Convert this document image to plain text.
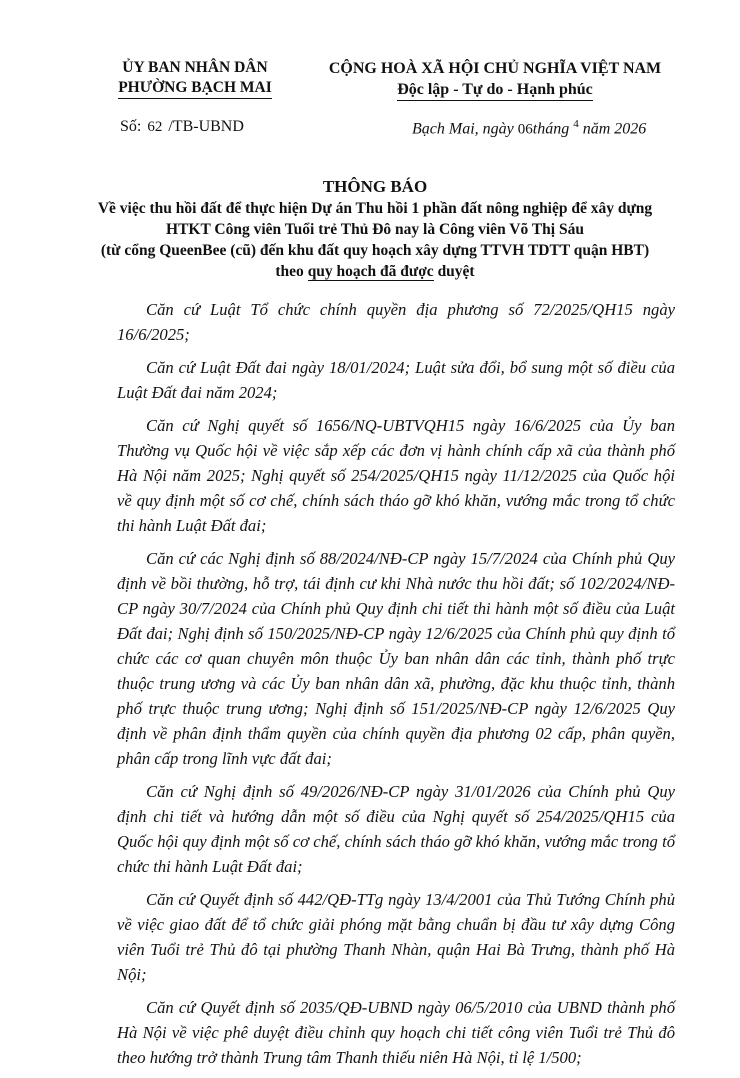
ỦY BAN NHÂN DÂN
PHƯỜNG BẠCH MAI
CỘNG HOÀ XÃ HỘI CHỦ NGHĨA VIỆT NAM
Độc lập - Tự do - Hạnh phúc
Số: 62 /TB-UBND	Bạch Mai, ngày 06tháng $^4$ năm 2026
THÔNG BÁO
Về việc thu hồi đất để thực hiện Dự án Thu hồi 1 phần đất nông nghiệp để xây dựng
HTKT Công viên Tuổi trẻ Thủ Đô nay là Công viên Võ Thị Sáu
(từ cổng QueenBee (cũ) đến khu đất quy hoạch xây dựng TTVH TDTT quận HBT)
theo quy hoạch đã được duyệt

Căn cứ Luật Tổ chức chính quyền địa phương số 72/2025/QH15 ngày 16/6/2025;

Căn cứ Luật Đất đai ngày 18/01/2024; Luật sửa đổi, bổ sung một số điều của Luật Đất đai năm 2024;

Căn cứ Nghị quyết số 1656/NQ-UBTVQH15 ngày 16/6/2025 của Ủy ban Thường vụ Quốc hội về việc sắp xếp các đơn vị hành chính cấp xã của thành phố Hà Nội năm 2025; Nghị quyết số 254/2025/QH15 ngày 11/12/2025 của Quốc hội về quy định một số cơ chế, chính sách tháo gỡ khó khăn, vướng mắc trong tổ chức thi hành Luật Đất đai;

Căn cứ các Nghị định số 88/2024/NĐ-CP ngày 15/7/2024 của Chính phủ Quy định về bồi thường, hỗ trợ, tái định cư khi Nhà nước thu hồi đất; số 102/2024/NĐ-CP ngày 30/7/2024 của Chính phủ Quy định chi tiết thi hành một số điều của Luật Đất đai; Nghị định số 150/2025/NĐ-CP ngày 12/6/2025 của Chính phủ quy định tổ chức các cơ quan chuyên môn thuộc Ủy ban nhân dân các tỉnh, thành phố trực thuộc trung ương và các Ủy ban nhân dân xã, phường, đặc khu thuộc tỉnh, thành phố trực thuộc trung ương; Nghị định số 151/2025/NĐ-CP ngày 12/6/2025 Quy định về phân định thẩm quyền của chính quyền địa phương 02 cấp, phân quyền, phân cấp trong lĩnh vực đất đai;

Căn cứ Nghị định số 49/2026/NĐ-CP ngày 31/01/2026 của Chính phủ Quy định chi tiết và hướng dẫn một số điều của Nghị quyết số 254/2025/QH15 của Quốc hội quy định một số cơ chế, chính sách tháo gỡ khó khăn, vướng mắc trong tổ chức thi hành Luật Đất đai;

Căn cứ Quyết định số 442/QĐ-TTg ngày 13/4/2001 của Thủ Tướng Chính phủ về việc giao đất để tổ chức giải phóng mặt bằng chuẩn bị đầu tư xây dựng Công viên Tuổi trẻ Thủ đô tại phường Thanh Nhàn, quận Hai Bà Trưng, thành phố Hà Nội;

Căn cứ Quyết định số 2035/QĐ-UBND ngày 06/5/2010 của UBND thành phố Hà Nội về việc phê duyệt điều chỉnh quy hoạch chi tiết công viên Tuổi trẻ Thủ đô theo hướng trở thành Trung tâm Thanh thiếu niên Hà Nội, tỉ lệ 1/500;
